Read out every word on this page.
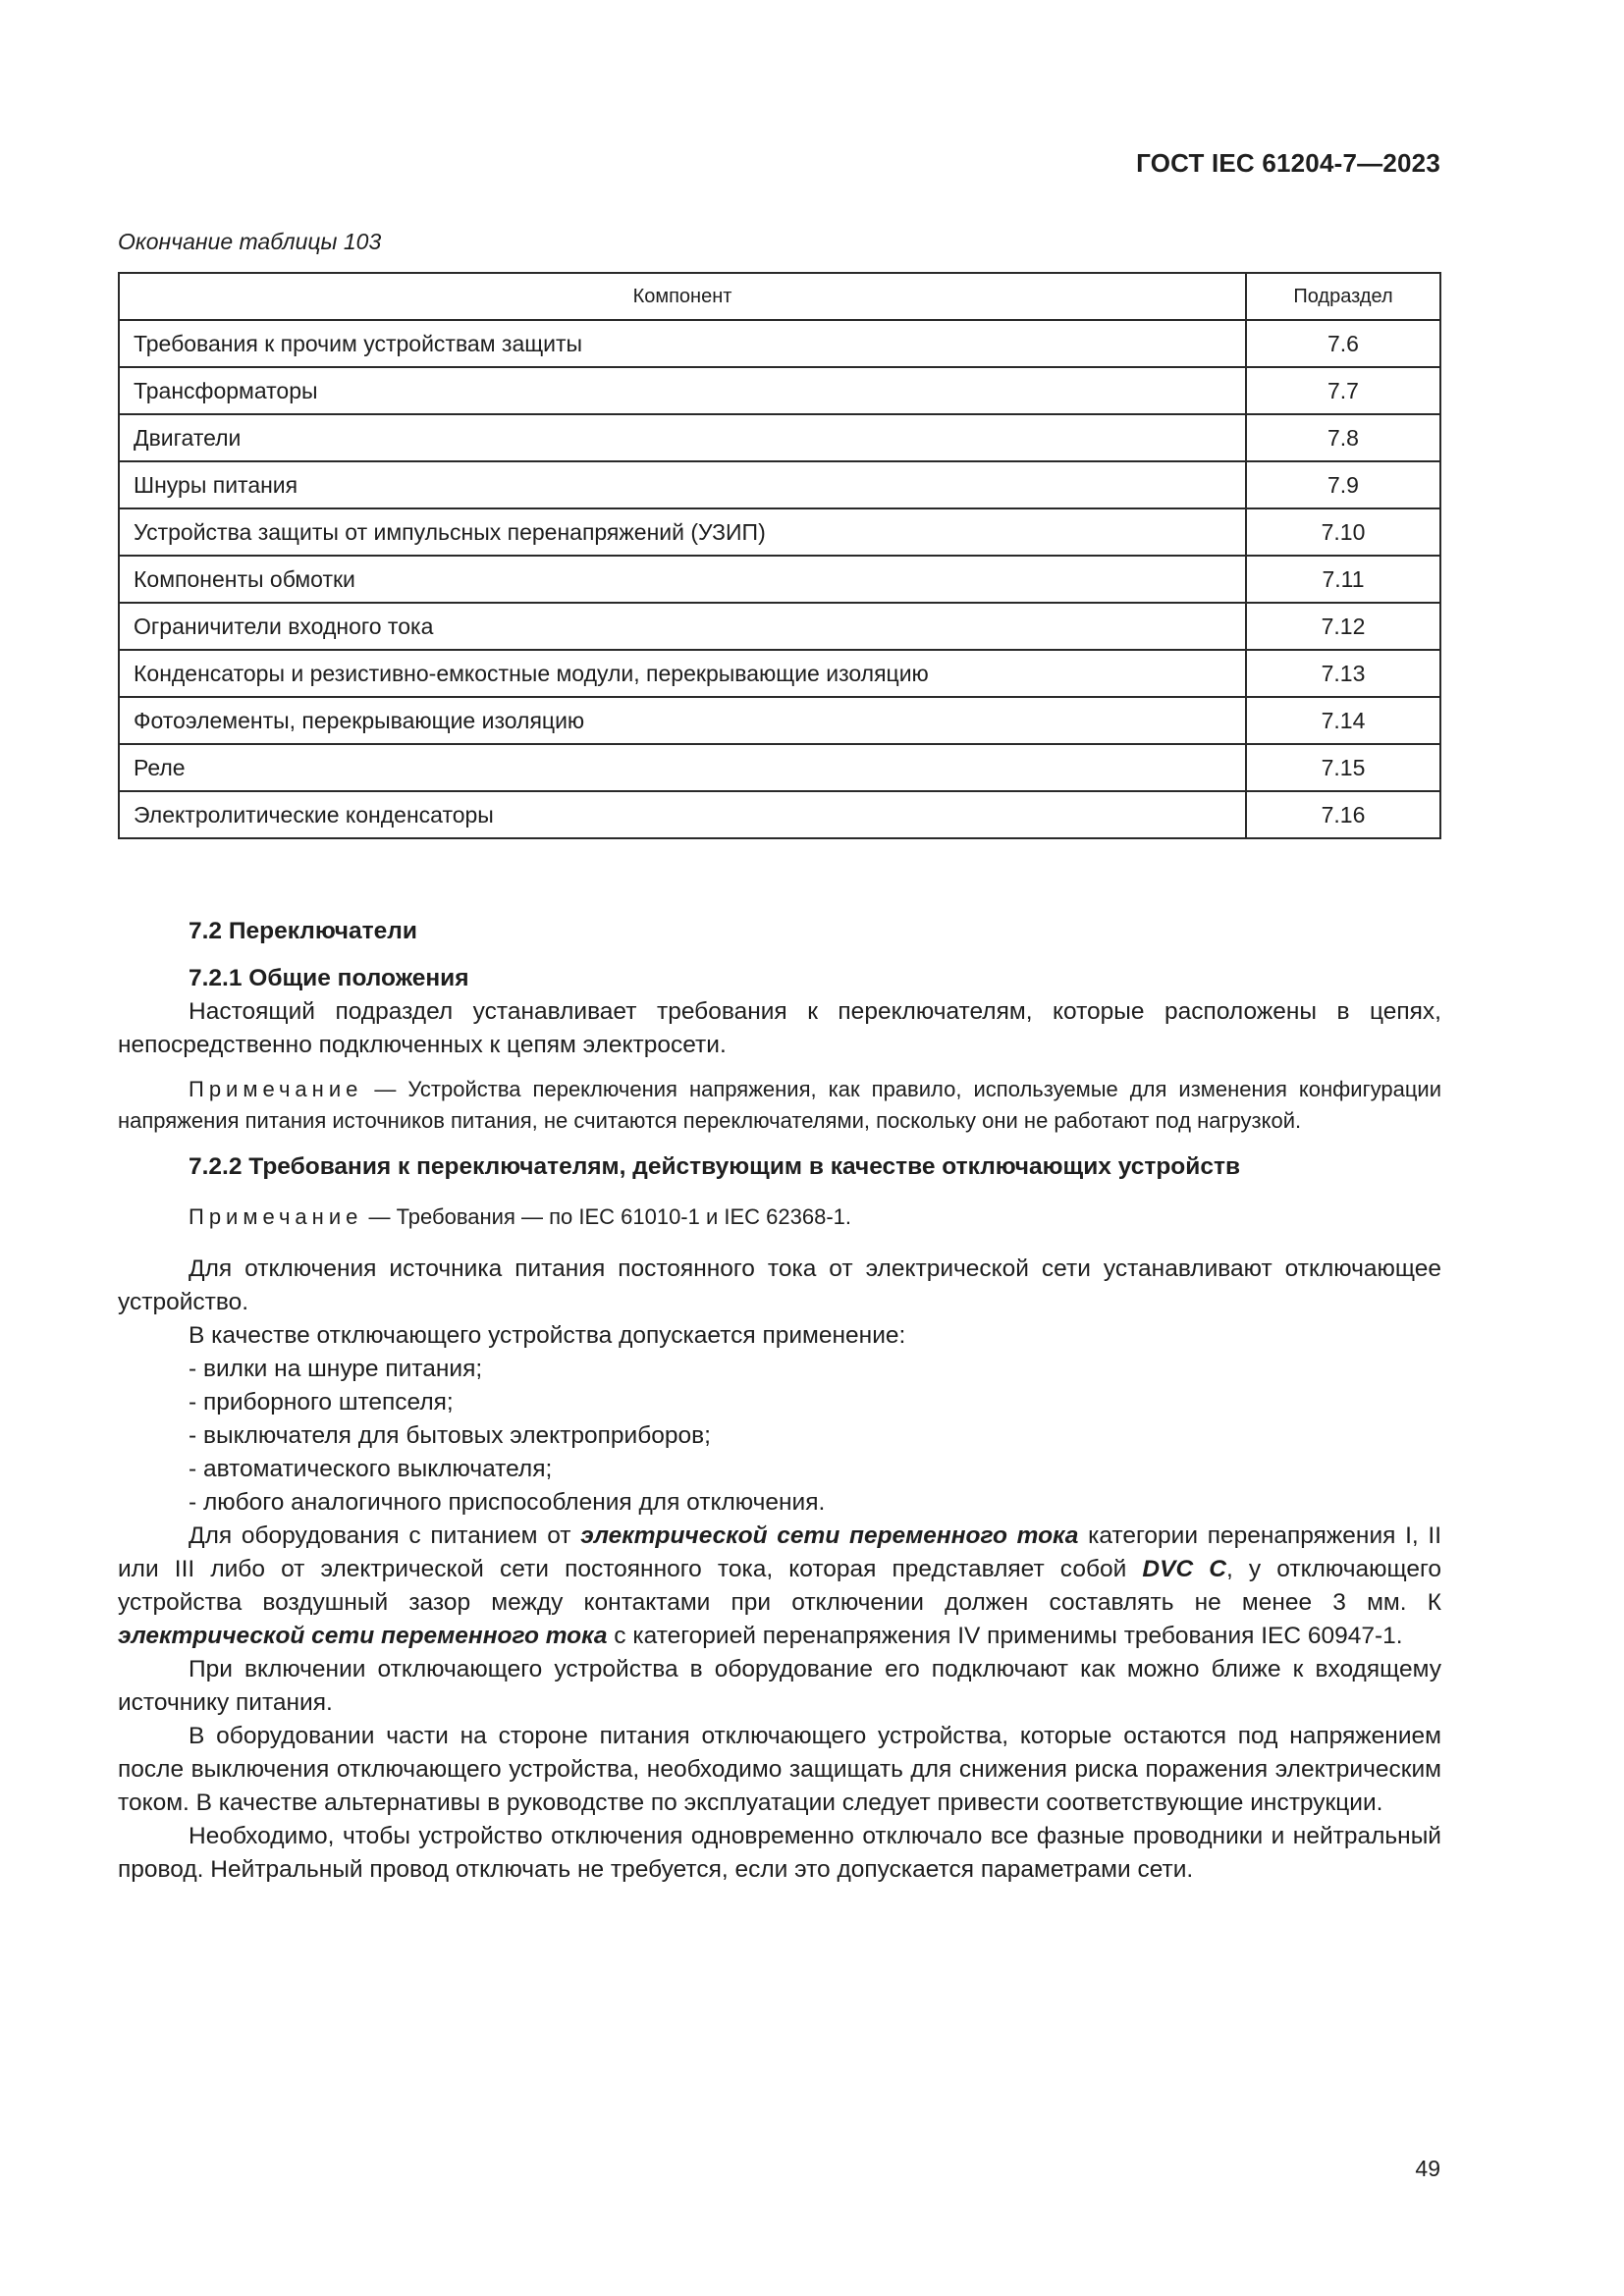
ГОСТ IEC 61204-7—2023
Окончание таблицы 103
Компонент	Подраздел
Требования к прочим устройствам защиты	7.6
Трансформаторы	7.7
Двигатели	7.8
Шнуры питания	7.9
Устройства защиты от импульсных перенапряжений (УЗИП)	7.10
Компоненты обмотки	7.11
Ограничители входного тока	7.12
Конденсаторы и резистивно-емкостные модули, перекрывающие изоляцию	7.13
Фотоэлементы, перекрывающие изоляцию	7.14
Реле	7.15
Электролитические конденсаторы	7.16
7.2 Переключатели
7.2.1 Общие положения

Настоящий подраздел устанавливает требования к переключателям, которые расположены в цепях, непосредственно подключенных к цепям электросети.

Примечание — Устройства переключения напряжения, как правило, используемые для изменения конфигурации напряжения питания источников питания, не считаются переключателями, поскольку они не работают под нагрузкой.

7.2.2 Требования к переключателям, действующим в качестве отключающих устройств

Примечание — Требования — по IEC 61010-1 и IEC 62368-1.

Для отключения источника питания постоянного тока от электрической сети устанавливают отключающее устройство.

В качестве отключающего устройства допускается применение:

- вилки на шнуре питания;
- приборного штепселя;
- выключателя для бытовых электроприборов;
- автоматического выключателя;
- любого аналогичного приспособления для отключения.

Для оборудования с питанием от электрической сети переменного тока категории перенапряжения I, II или III либо от электрической сети постоянного тока, которая представляет собой DVC C, у отключающего устройства воздушный зазор между контактами при отключении должен составлять не менее 3 мм. К электрической сети переменного тока с категорией перенапряжения IV применимы требования IEC 60947-1.

При включении отключающего устройства в оборудование его подключают как можно ближе к входящему источнику питания.

В оборудовании части на стороне питания отключающего устройства, которые остаются под напряжением после выключения отключающего устройства, необходимо защищать для снижения риска поражения электрическим током. В качестве альтернативы в руководстве по эксплуатации следует привести соответствующие инструкции.

Необходимо, чтобы устройство отключения одновременно отключало все фазные проводники и нейтральный провод. Нейтральный провод отключать не требуется, если это допускается параметрами сети.

49
